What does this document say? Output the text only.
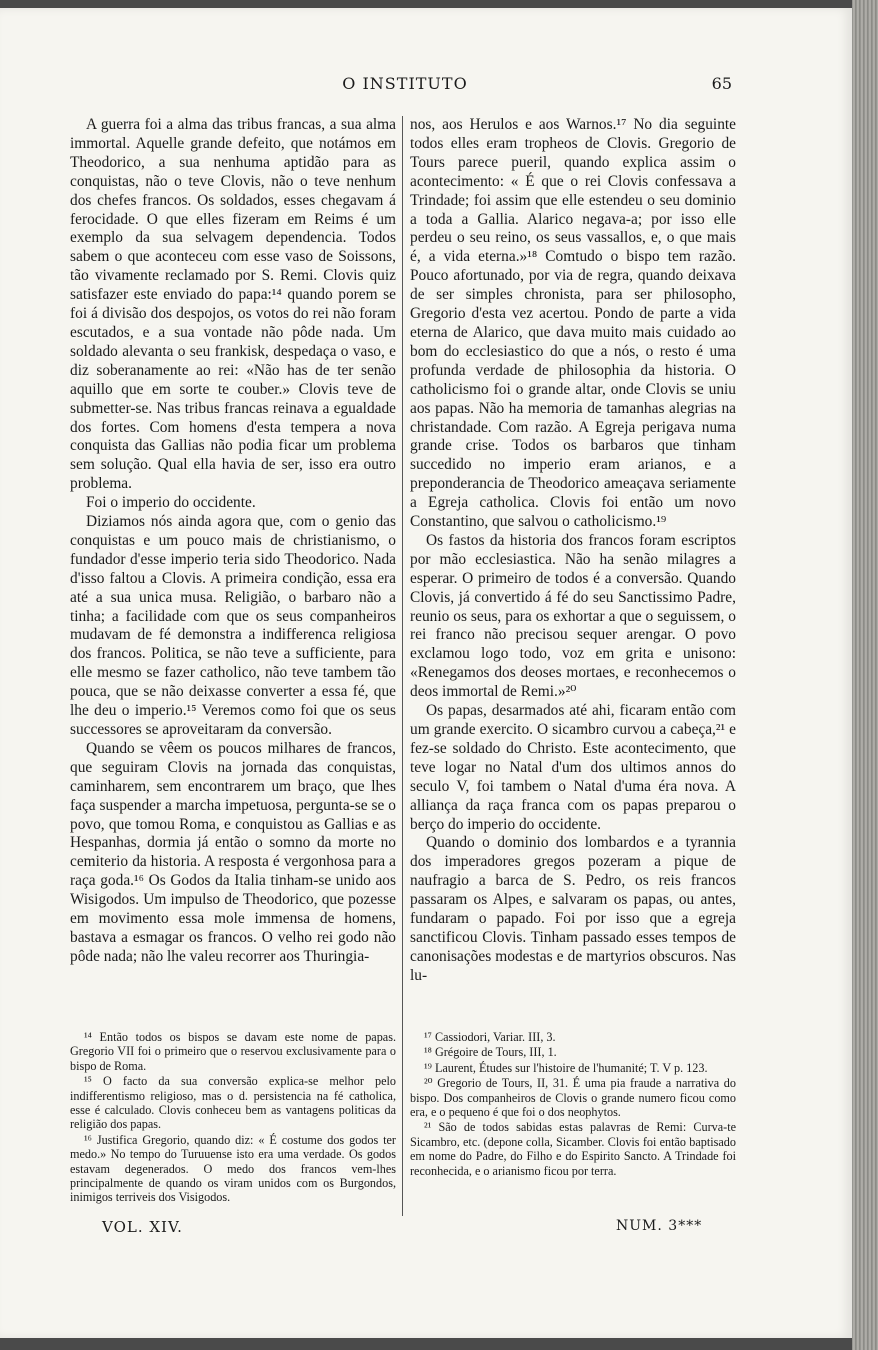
O INSTITUTO	65

A guerra foi a alma das tribus francas, a sua alma immortal. Aquelle grande defeito, que notámos em Theodorico, a sua nenhuma aptidão para as conquistas, não o teve Clovis, não o teve nenhum dos chefes francos. Os soldados, esses chegavam á ferocidade. O que elles fizeram em Reims é um exemplo da sua selvagem dependencia. Todos sabem o que aconteceu com esse vaso de Soissons, tão vivamente reclamado por S. Remi. Clovis quiz satisfazer este enviado do papa:¹⁴ quando porem se foi á divisão dos despojos, os votos do rei não foram escutados, e a sua vontade não pôde nada. Um soldado alevanta o seu frankisk, despedaça o vaso, e diz soberanamente ao rei: «Não has de ter senão aquillo que em sorte te couber.» Clovis teve de submetter-se. Nas tribus francas reinava a egualdade dos fortes. Com homens d'esta tempera a nova conquista das Gallias não podia ficar um problema sem solução. Qual ella havia de ser, isso era outro problema.

Foi o imperio do occidente.

Diziamos nós ainda agora que, com o genio das conquistas e um pouco mais de christianismo, o fundador d'esse imperio teria sido Theodorico. Nada d'isso faltou a Clovis. A primeira condição, essa era até a sua unica musa. Religião, o barbaro não a tinha; a facilidade com que os seus companheiros mudavam de fé demonstra a indifferenca religiosa dos francos. Politica, se não teve a sufficiente, para elle mesmo se fazer catholico, não teve tambem tão pouca, que se não deixasse converter a essa fé, que lhe deu o imperio.¹⁵ Veremos como foi que os seus successores se aproveitaram da conversão.

Quando se vêem os poucos milhares de francos, que seguiram Clovis na jornada das conquistas, caminharem, sem encontrarem um braço, que lhes faça suspender a marcha impetuosa, pergunta-se se o povo, que tomou Roma, e conquistou as Gallias e as Hespanhas, dormia já então o somno da morte no cemiterio da historia. A resposta é vergonhosa para a raça goda.¹⁶ Os Godos da Italia tinham-se unido aos Wisigodos. Um impulso de Theodorico, que pozesse em movimento essa mole immensa de homens, bastava a esmagar os francos. O velho rei godo não pôde nada; não lhe valeu recorrer aos Thuringia-

nos, aos Herulos e aos Warnos.¹⁷ No dia seguinte todos elles eram tropheos de Clovis. Gregorio de Tours parece pueril, quando explica assim o acontecimento: « É que o rei Clovis confessava a Trindade; foi assim que elle estendeu o seu dominio a toda a Gallia. Alarico negava-a; por isso elle perdeu o seu reino, os seus vassallos, e, o que mais é, a vida eterna.»¹⁸ Comtudo o bispo tem razão. Pouco afortunado, por via de regra, quando deixava de ser simples chronista, para ser philosopho, Gregorio d'esta vez acertou. Pondo de parte a vida eterna de Alarico, que dava muito mais cuidado ao bom do ecclesiastico do que a nós, o resto é uma profunda verdade de philosophia da historia. O catholicismo foi o grande altar, onde Clovis se uniu aos papas. Não ha memoria de tamanhas alegrias na christandade. Com razão. A Egreja perigava numa grande crise. Todos os barbaros que tinham succedido no imperio eram arianos, e a preponderancia de Theodorico ameaçava seriamente a Egreja catholica. Clovis foi então um novo Constantino, que salvou o catholicismo.¹⁹

Os fastos da historia dos francos foram escriptos por mão ecclesiastica. Não ha senão milagres a esperar. O primeiro de todos é a conversão. Quando Clovis, já convertido á fé do seu Sanctissimo Padre, reunio os seus, para os exhortar a que o seguissem, o rei franco não precisou sequer arengar. O povo exclamou logo todo, voz em grita e unisono: «Renegamos dos deoses mortaes, e reconhecemos o deos immortal de Remi.»²⁰

Os papas, desarmados até ahi, ficaram então com um grande exercito. O sicambro curvou a cabeça,²¹ e fez-se soldado do Christo. Este acontecimento, que teve logar no Natal d'um dos ultimos annos do seculo V, foi tambem o Natal d'uma éra nova. A alliança da raça franca com os papas preparou o berço do imperio do occidente.

Quando o dominio dos lombardos e a tyrannia dos imperadores gregos pozeram a pique de naufragio a barca de S. Pedro, os reis francos passaram os Alpes, e salvaram os papas, ou antes, fundaram o papado. Foi por isso que a egreja sanctificou Clovis. Tinham passado esses tempos de canonisações modestas e de martyrios obscuros. Nas lu-

¹⁴ Então todos os bispos se davam este nome de papas. Gregorio VII foi o primeiro que o reservou exclusivamente para o bispo de Roma.

¹⁵ O facto da sua conversão explica-se melhor pelo indifferentismo religioso, mas o d. persistencia na fé catholica, esse é calculado. Clovis conheceu bem as vantagens politicas da religião dos papas.

¹⁶ Justifica Gregorio, quando diz: « É costume dos godos ter medo.» No tempo do Turuuense isto era uma verdade. Os godos estavam degenerados. O medo dos francos vem-lhes principalmente de quando os viram unidos com os Burgondos, inimigos terriveis dos Visigodos.

¹⁷ Cassiodori, Variar. III, 3.

¹⁸ Grégoire de Tours, III, 1.

¹⁹ Laurent, Études sur l'histoire de l'humanité; T. V p. 123.

²⁰ Gregorio de Tours, II, 31. É uma pia fraude a narrativa do bispo. Dos companheiros de Clovis o grande numero ficou como era, e o pequeno é que foi o dos neophytos.

²¹ São de todos sabidas estas palavras de Remi: Curva-te Sicambro, etc. (depone colla, Sicamber. Clovis foi então baptisado em nome do Padre, do Filho e do Espirito Sancto. A Trindade foi reconhecida, e o arianismo ficou por terra.

VOL. XIV.	NUM. 3***
